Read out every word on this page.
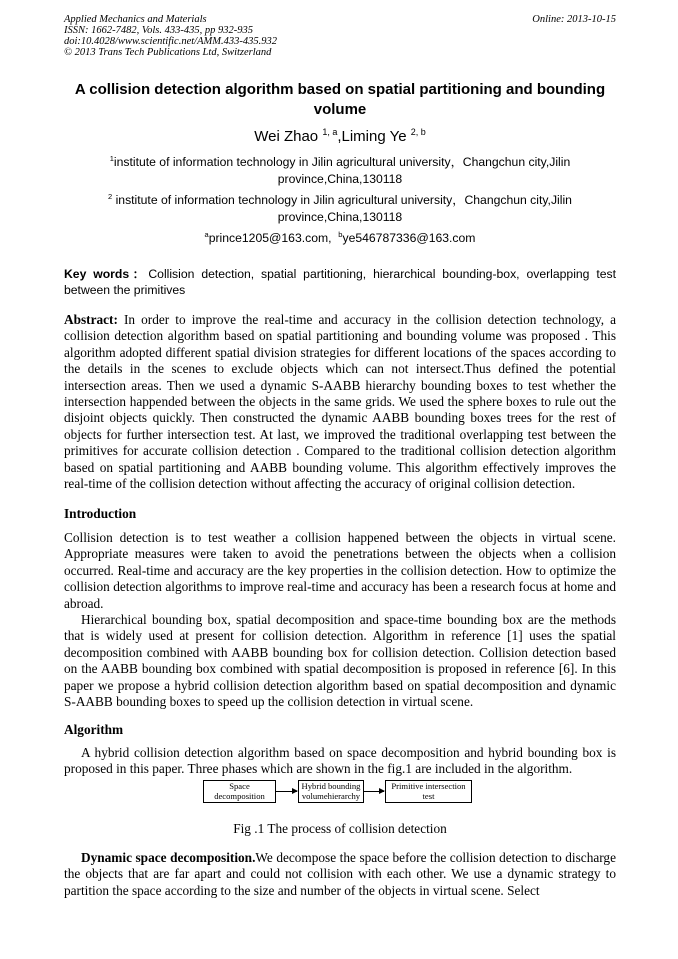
Applied Mechanics and Materials
ISSN: 1662-7482, Vols. 433-435, pp 932-935
doi:10.4028/www.scientific.net/AMM.433-435.932
© 2013 Trans Tech Publications Ltd, Switzerland
Online: 2013-10-15
A collision detection algorithm based on spatial partitioning and bounding volume
Wei Zhao $^{1, a}$,Liming Ye $^{2, b}$
$^1$institute of information technology in Jilin agricultural university，Changchun city,Jilin province,China,130118
$^2$ institute of information technology in Jilin agricultural university，Changchun city,Jilin province,China,130118
$^a$prince1205@163.com, $^b$ye546787336@163.com
Key words：Collision detection, spatial partitioning, hierarchical bounding-box, overlapping test between the primitives
Abstract: In order to improve the real-time and accuracy in the collision detection technology, a collision detection algorithm based on spatial partitioning and bounding volume was proposed . This algorithm adopted different spatial division strategies for different locations of the spaces according to the details in the scenes to exclude objects which can not intersect.Thus defined the potential intersection areas. Then we used a dynamic S-AABB hierarchy bounding boxes to test whether the intersection happended between the objects in the same grids. We used the sphere boxes to rule out the disjoint objects quickly. Then constructed the dynamic AABB bounding boxes trees for the rest of objects for further intersection test. At last, we improved the traditional overlapping test between the primitives for accurate collision detection . Compared to the traditional collision detection algorithm based on spatial partitioning and AABB bounding volume. This algorithm effectively improves the real-time of the collision detection without affecting the accuracy of original collision detection.
Introduction

Collision detection is to test weather a collision happened between the objects in virtual scene. Appropriate measures were taken to avoid the penetrations between the objects when a collision occurred. Real-time and accuracy are the key properties in the collision detection. How to optimize the collision detection algorithms to improve real-time and accuracy has been a research focus at home and abroad.

Hierarchical bounding box, spatial decomposition and space-time bounding box are the methods that is widely used at present for collision detection. Algorithm in reference [1] uses the spatial decomposition combined with AABB bounding box for collision detection. Collision detection based on the AABB bounding box combined with spatial decomposition is proposed in reference [6]. In this paper we propose a hybrid collision detection algorithm based on spatial decomposition and dynamic S-AABB bounding boxes to speed up the collision detection in virtual scene.

Algorithm

A hybrid collision detection algorithm based on space decomposition and hybrid bounding box is proposed in this paper. Three phases which are shown in the fig.1 are included in the algorithm.

Space decomposition
Hybrid bounding volumehierarchy
Primitive intersection test
Fig .1 The process of collision detection
Dynamic space decomposition.We decompose the space before the collision detection to discharge the objects that are far apart and could not collision with each other. We use a dynamic strategy to partition the space according to the size and number of the objects in virtual scene. Select
